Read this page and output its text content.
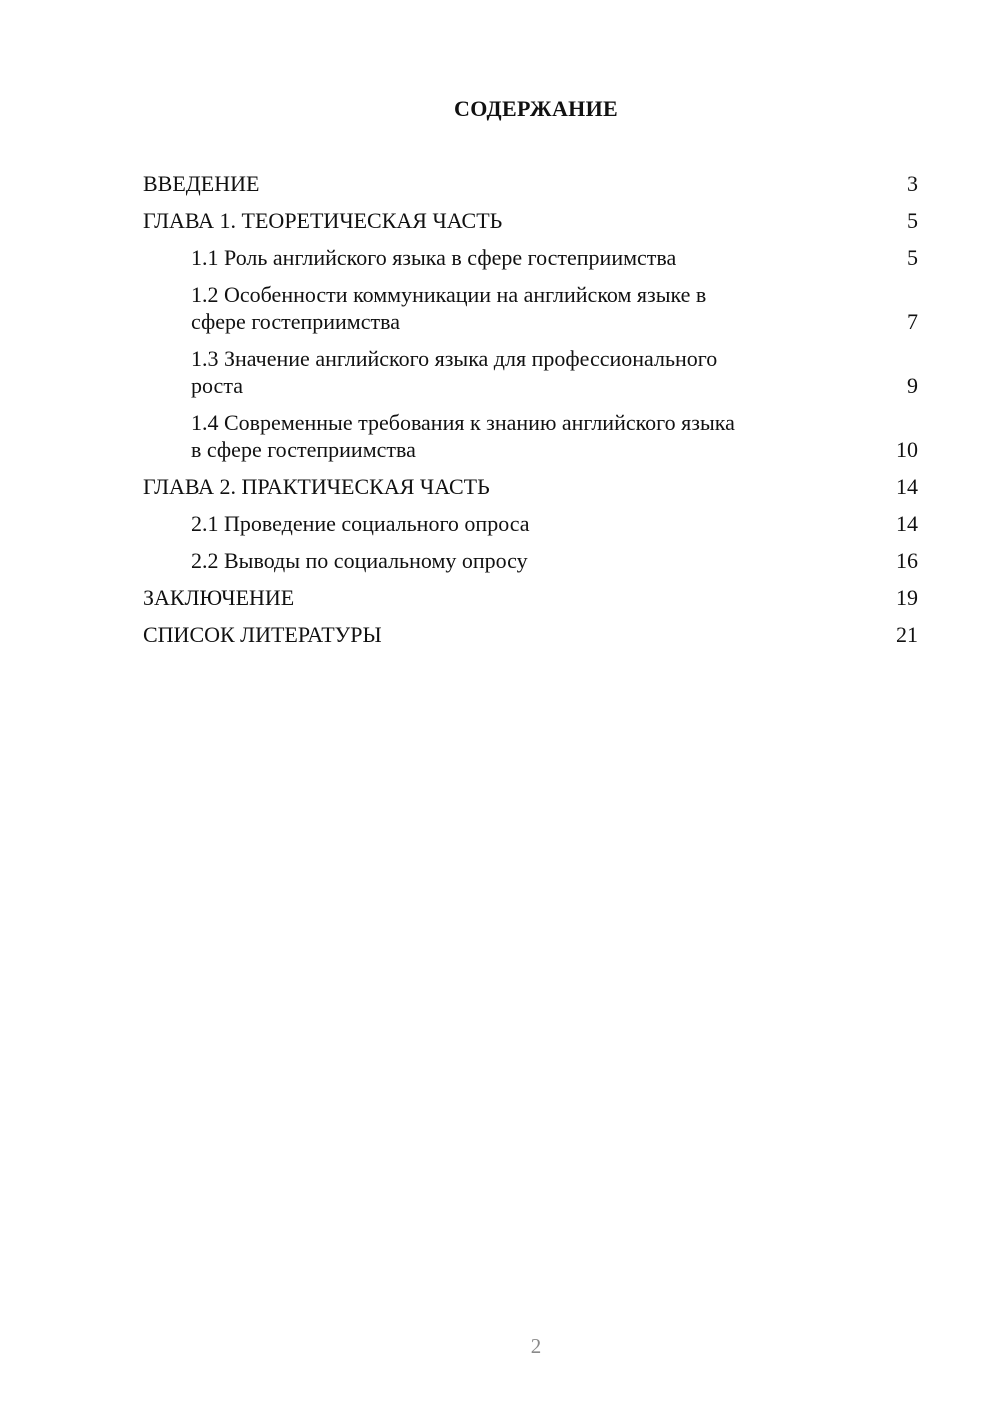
СОДЕРЖАНИЕ
ВВЕДЕНИЕ	3
ГЛАВА 1. ТЕОРЕТИЧЕСКАЯ ЧАСТЬ	5
1.1 Роль английского языка в сфере гостеприимства	5
1.2 Особенности коммуникации на английском языке в
сфере гостеприимства	7
1.3 Значение английского языка для профессионального
роста	9
1.4 Современные требования к знанию английского языка
в сфере гостеприимства	10
ГЛАВА 2. ПРАКТИЧЕСКАЯ ЧАСТЬ	14
2.1 Проведение социального опроса	14
2.2 Выводы по социальному опросу	16
ЗАКЛЮЧЕНИЕ	19
СПИСОК ЛИТЕРАТУРЫ	21
2
